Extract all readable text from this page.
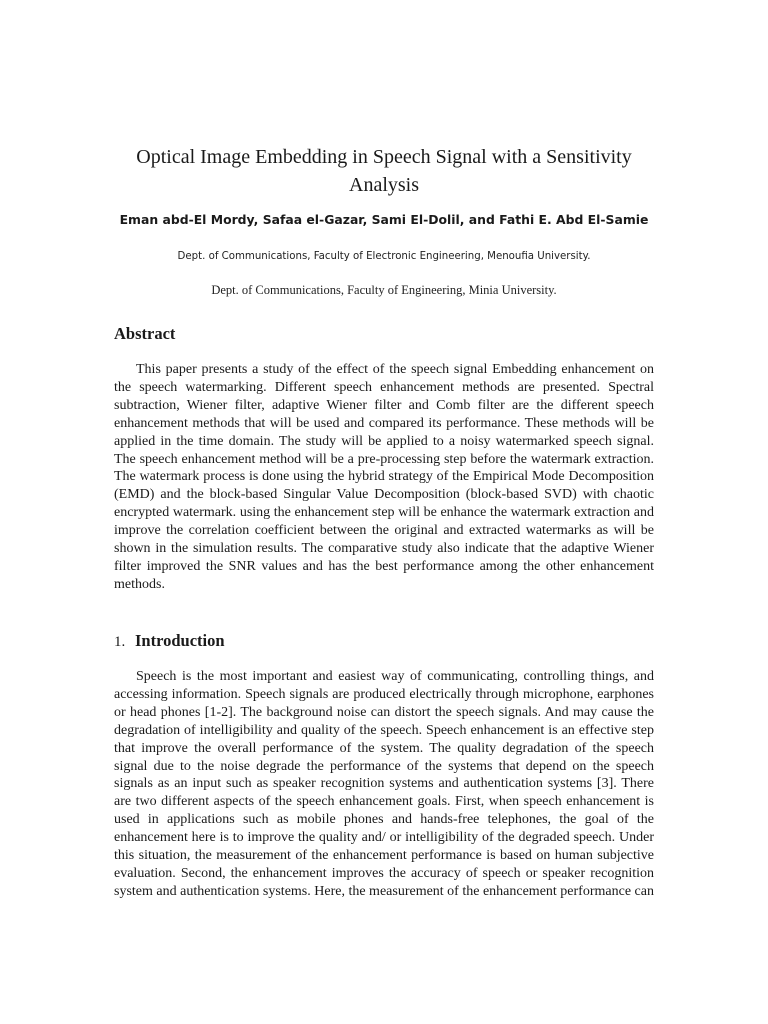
Optical Image Embedding in Speech Signal with a Sensitivity Analysis
Eman abd-El Mordy, Safaa el-Gazar, Sami El-Dolil, and Fathi E. Abd El-Samie
Dept. of Communications, Faculty of Electronic Engineering, Menoufia University.
Dept. of Communications, Faculty of Engineering, Minia University.
Abstract
This paper presents a study of the effect of the speech signal Embedding enhancement on the speech watermarking. Different speech enhancement methods are presented. Spectral subtraction, Wiener filter, adaptive Wiener filter and Comb filter are the different speech enhancement methods that will be used and compared its performance. These methods will be applied in the time domain. The study will be applied to a noisy watermarked speech signal. The speech enhancement method will be a pre-processing step before the watermark extraction. The watermark process is done using the hybrid strategy of the Empirical Mode Decomposition (EMD) and the block-based Singular Value Decomposition (block-based SVD) with chaotic encrypted watermark. using the enhancement step will be enhance the watermark extraction and improve the correlation coefficient between the original and extracted watermarks as will be shown in the simulation results. The comparative study also indicate that the adaptive Wiener filter improved the SNR values and has the best performance among the other enhancement methods.
1. Introduction
Speech is the most important and easiest way of communicating, controlling things, and accessing information. Speech signals are produced electrically through microphone, earphones or head phones [1-2]. The background noise can distort the speech signals. And may cause the degradation of intelligibility and quality of the speech. Speech enhancement is an effective step that improve the overall performance of the system. The quality degradation of the speech signal due to the noise degrade the performance of the systems that depend on the speech signals as an input such as speaker recognition systems and authentication systems [3]. There are two different aspects of the speech enhancement goals. First, when speech enhancement is used in applications such as mobile phones and hands-free telephones, the goal of the enhancement here is to improve the quality and/ or intelligibility of the degraded speech. Under this situation, the measurement of the enhancement performance is based on human subjective evaluation. Second, the enhancement improves the accuracy of speech or speaker recognition system and authentication systems. Here, the measurement of the enhancement performance can
